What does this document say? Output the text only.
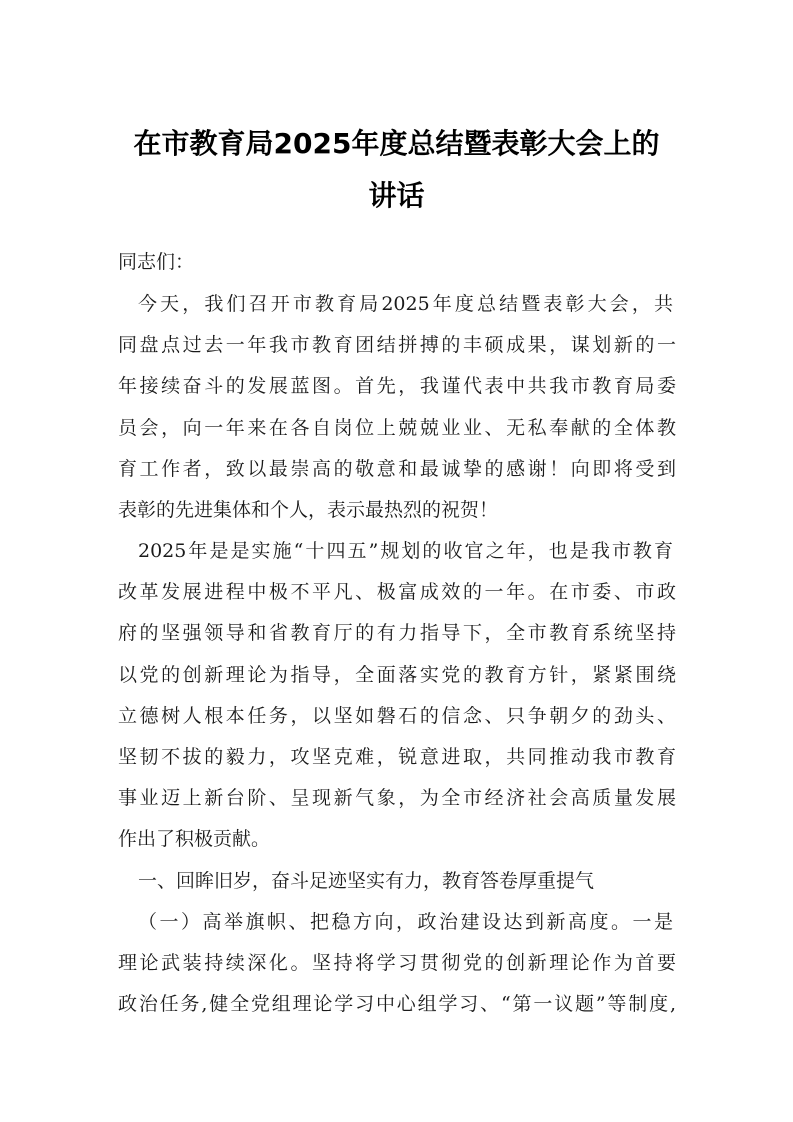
在市教育局2025年度总结暨表彰大会上的
讲话
同志们：
今天，我们召开市教育局2025年度总结暨表彰大会，共
同盘点过去一年我市教育团结拼搏的丰硕成果，谋划新的一
年接续奋斗的发展蓝图。首先，我谨代表中共我市教育局委
员会，向一年来在各自岗位上兢兢业业、无私奉献的全体教
育工作者，致以最崇高的敬意和最诚挚的感谢！向即将受到
表彰的先进集体和个人，表示最热烈的祝贺！
2025年是是实施“十四五”规划的收官之年，也是我市教育
改革发展进程中极不平凡、极富成效的一年。在市委、市政
府的坚强领导和省教育厅的有力指导下，全市教育系统坚持
以党的创新理论为指导，全面落实党的教育方针，紧紧围绕
立德树人根本任务，以坚如磐石的信念、只争朝夕的劲头、
坚韧不拔的毅力，攻坚克难，锐意进取，共同推动我市教育
事业迈上新台阶、呈现新气象，为全市经济社会高质量发展
作出了积极贡献。
一、回眸旧岁，奋斗足迹坚实有力，教育答卷厚重提气
（一）高举旗帜、把稳方向，政治建设达到新高度。一是
理论武装持续深化。坚持将学习贯彻党的创新理论作为首要
政治任务,健全党组理论学习中心组学习、“第一议题”等制度,
